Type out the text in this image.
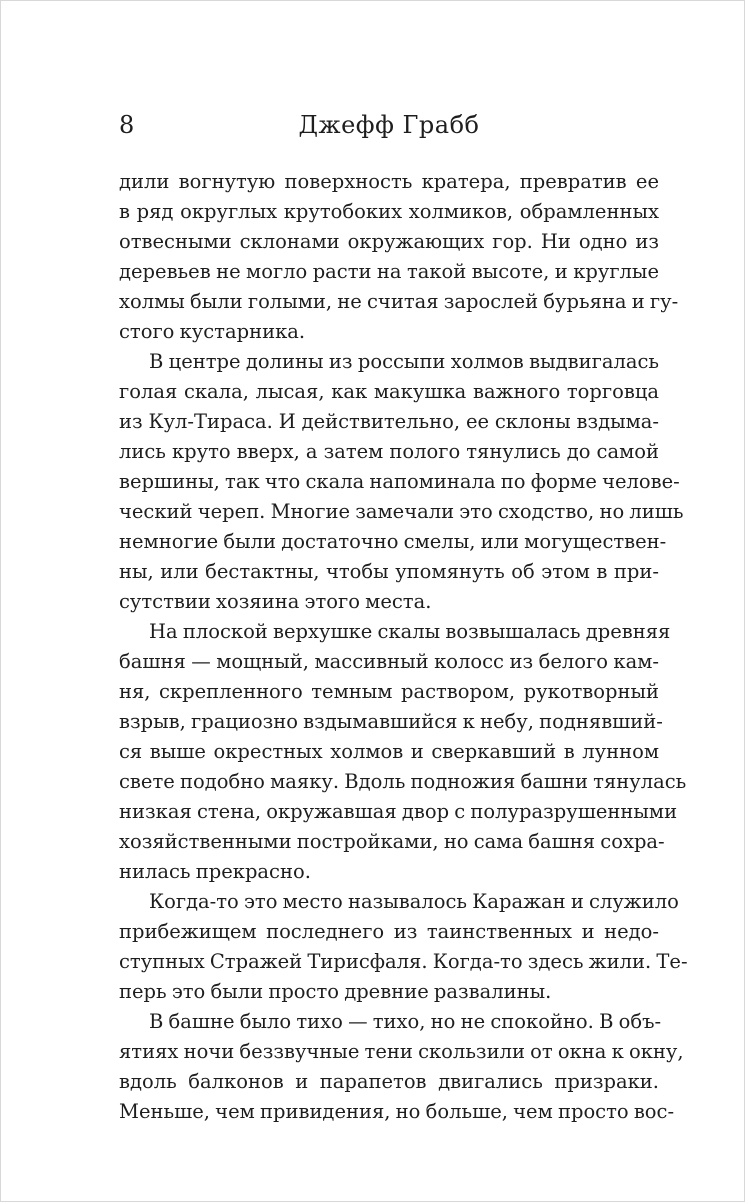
8	Джефф Грабб

дили вогнутую поверхность кратера, превратив ее
в ряд округлых крутобоких холмиков, обрамленных
отвесными склонами окружающих гор. Ни одно из
деревьев не могло расти на такой высоте, и круглые
холмы были голыми, не считая зарослей бурьяна и гу-
стого кустарника.

В центре долины из россыпи холмов выдвигалась
голая скала, лысая, как макушка важного торговца
из Кул-Тираса. И действительно, ее склоны вздыма-
лись круто вверх, а затем полого тянулись до самой
вершины, так что скала напоминала по форме челове-
ческий череп. Многие замечали это сходство, но лишь
немногие были достаточно смелы, или могуществен-
ны, или бестактны, чтобы упомянуть об этом в при-
сутствии хозяина этого места.

На плоской верхушке скалы возвышалась древняя
башня — мощный, массивный колосс из белого кам-
ня, скрепленного темным раствором, рукотворный
взрыв, грациозно вздымавшийся к небу, поднявший-
ся выше окрестных холмов и сверкавший в лунном
свете подобно маяку. Вдоль подножия башни тянулась
низкая стена, окружавшая двор с полуразрушенными
хозяйственными постройками, но сама башня сохра-
нилась прекрасно.

Когда-то это место называлось Каражан и служило
прибежищем последнего из таинственных и недо-
ступных Стражей Тирисфаля. Когда-то здесь жили. Те-
перь это были просто древние развалины.

В башне было тихо — тихо, но не спокойно. В объ-
ятиях ночи беззвучные тени скользили от окна к окну,
вдоль балконов и парапетов двигались призраки.
Меньше, чем привидения, но больше, чем просто вос-
